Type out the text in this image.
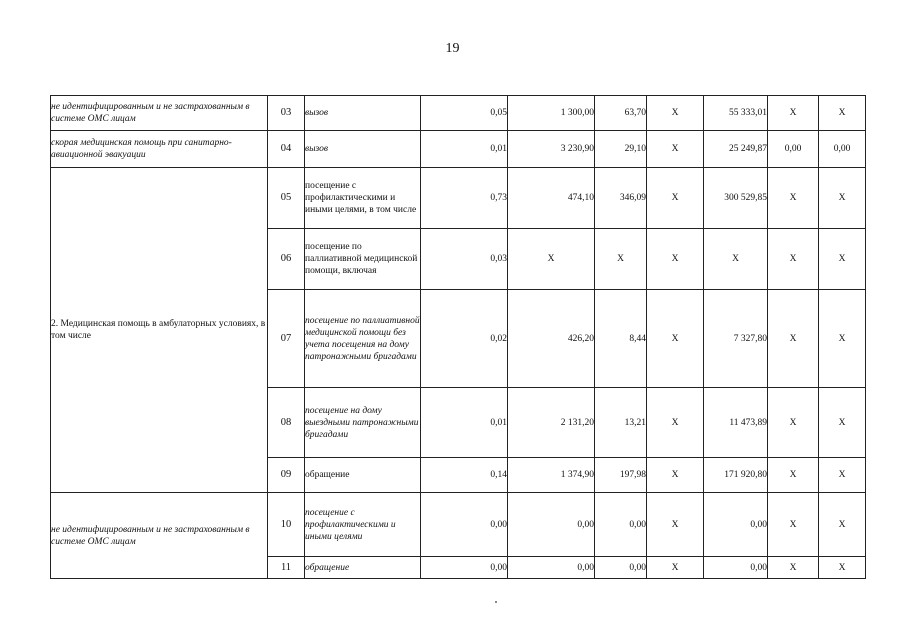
19
не идентифицированным и не застрахованным в системе ОМС лицам	03	вызов	0,05	1 300,00	63,70	X	55 333,01	X	X
скорая медицинская помощь при санитарно-авиационной эвакуации	04	вызов	0,01	3 230,90	29,10	X	25 249,87	0,00	0,00
2. Медицинская помощь в амбулаторных условиях, в том числе	05	посещение с профилактическими и иными целями, в том числе	0,73	474,10	346,09	X	300 529,85	X	X
	06	посещение по паллиативной медицинской помощи, включая	0,03	X	X	X	X	X	X
	07	посещение по паллиативной медицинской помощи без учета посещения на дому патронажными бригадами	0,02	426,20	8,44	X	7 327,80	X	X
	08	посещение на дому выездными патронажными бригадами	0,01	2 131,20	13,21	X	11 473,89	X	X
	09	обращение	0,14	1 374,90	197,98	X	171 920,80	X	X
не идентифицированным и не застрахованным в системе ОМС лицам	10	посещение с профилактическими и иными целями	0,00	0,00	0,00	X	0,00	X	X
	11	обращение	0,00	0,00	0,00	X	0,00	X	X
